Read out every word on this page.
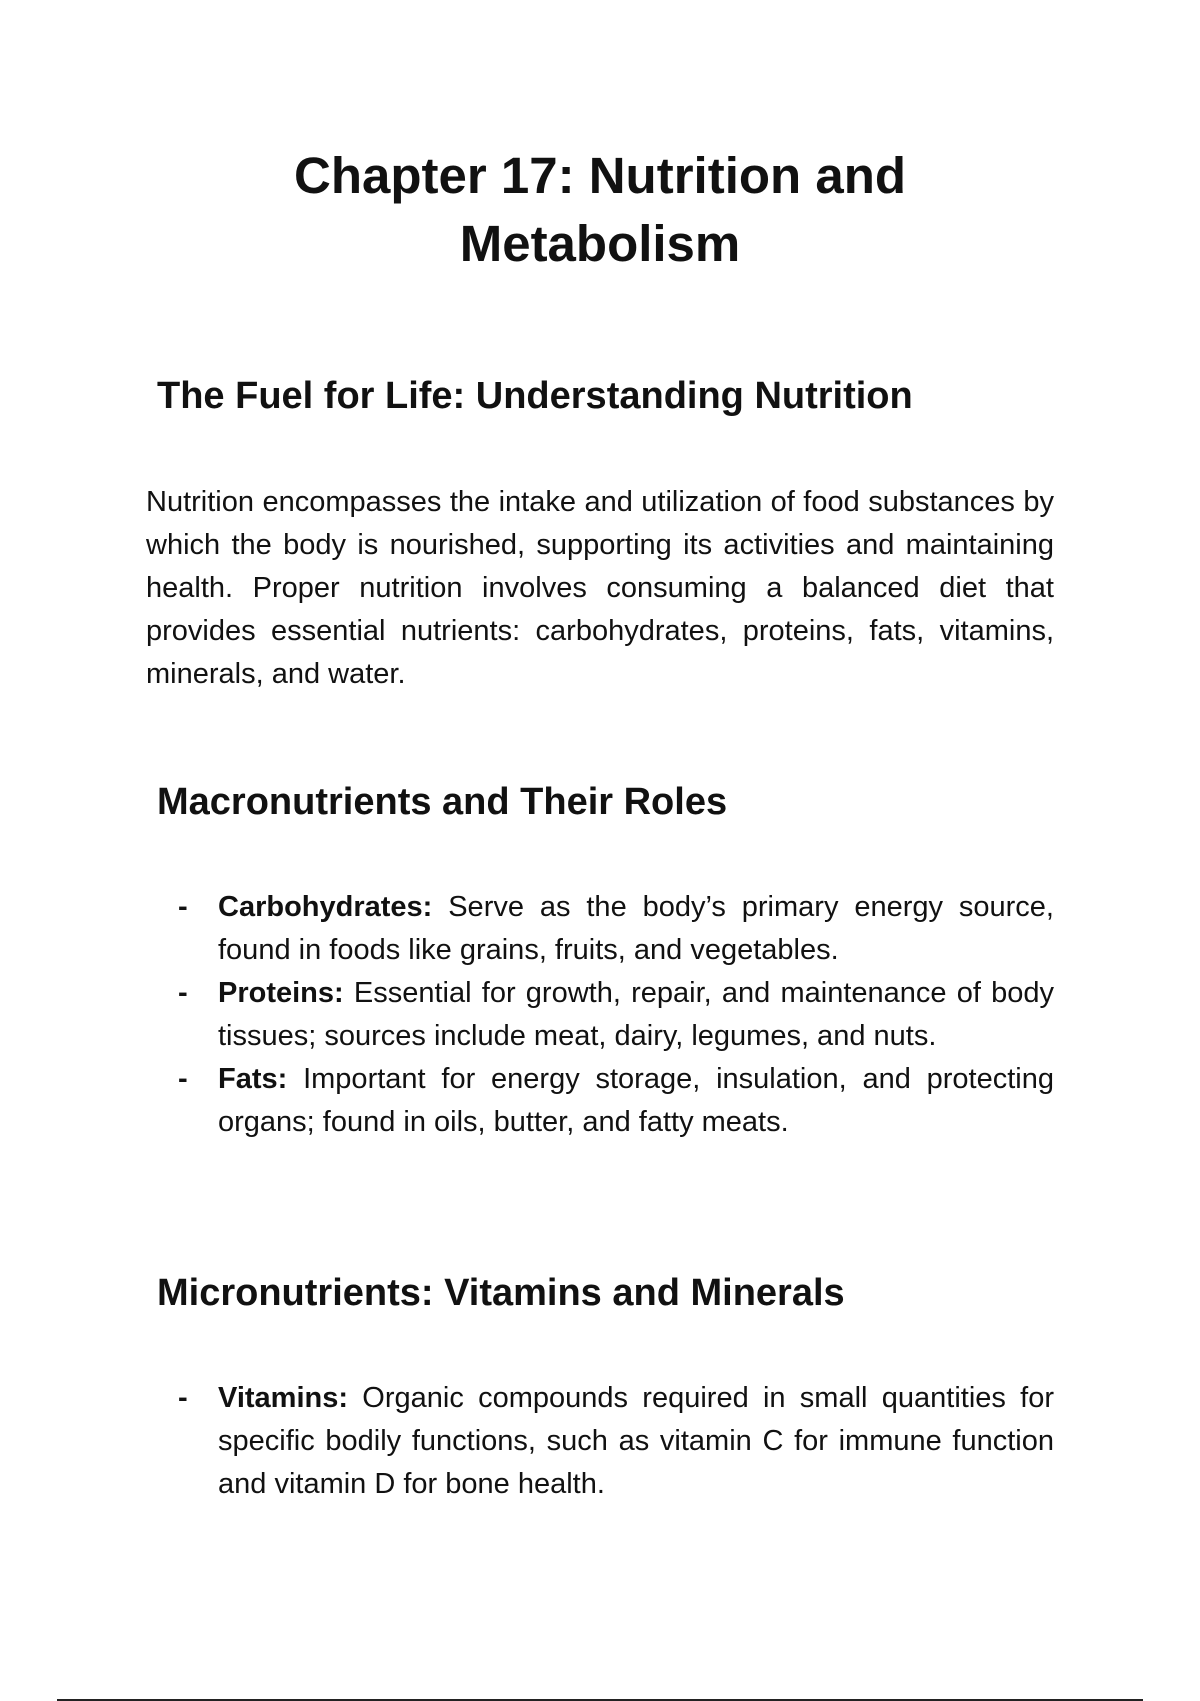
Chapter 17: Nutrition and Metabolism
The Fuel for Life: Understanding Nutrition

Nutrition encompasses the intake and utilization of food substances by which the body is nourished, supporting its activities and maintaining health. Proper nutrition involves consuming a balanced diet that provides essential nutrients: carbohydrates, proteins, fats, vitamins, minerals, and water.

Macronutrients and Their Roles
- Carbohydrates: Serve as the body’s primary energy source, found in foods like grains, fruits, and vegetables.
- Proteins: Essential for growth, repair, and maintenance of body tissues; sources include meat, dairy, legumes, and nuts.
- Fats: Important for energy storage, insulation, and protecting organs; found in oils, butter, and fatty meats.
Micronutrients: Vitamins and Minerals
- Vitamins: Organic compounds required in small quantities for specific bodily functions, such as vitamin C for immune function and vitamin D for bone health.
